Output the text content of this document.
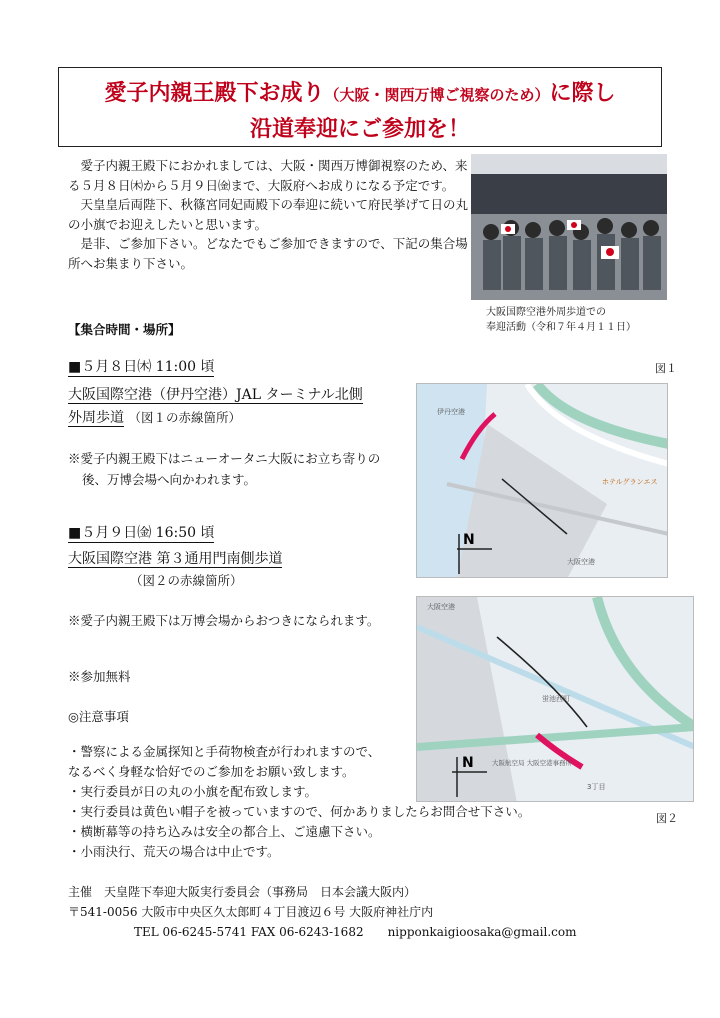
愛子内親王殿下お成り（大阪・関西万博ご視察のため）に際し
沿道奉迎にご参加を！

愛子内親王殿下におかれましては、大阪・関西万博御視察のため、来る５月８日㈭から５月９日㈮まで、大阪府へお成りになる予定です。

天皇皇后両陛下、秋篠宮同妃両殿下の奉迎に続いて府民挙げて日の丸の小旗でお迎えしたいと思います。

是非、ご参加下さい。どなたでもご参加できますので、下記の集合場所へお集まり下さい。

大阪国際空港外周歩道での
奉迎活動（令和７年４月１１日）
【集合時間・場所】
■５月８日㈭ 11:00 頃
大阪国際空港（伊丹空港）JAL ターミナル北側
外周歩道 （図１の赤線箇所）
※愛子内親王殿下はニューオータニ大阪にお立ち寄りの
後、万博会場へ向かわれます。
図１
N
大阪空港
伊丹空港
ホテルグランエス
■５月９日㈮ 16:50 頃
大阪国際空港 第３通用門南側歩道
（図２の赤線箇所）
※愛子内親王殿下は万博会場からおつきになられます。
N
大阪空港
蛍池西町
大阪航空局 大阪空港事務所
3丁目
図２
※参加無料
◎注意事項
・警察による金属探知と手荷物検査が行われますので、
なるべく身軽な恰好でのご参加をお願い致します。
・実行委員が日の丸の小旗を配布致します。
・実行委員は黄色い帽子を被っていますので、何かありましたらお問合せ下さい。
・横断幕等の持ち込みは安全の都合上、ご遠慮下さい。
・小雨決行、荒天の場合は中止です。
主催　天皇陛下奉迎大阪実行委員会（事務局　日本会議大阪内）
〒541-0056 大阪市中央区久太郎町４丁目渡辺６号 大阪府神社庁内
TEL 06-6245-5741 FAX 06-6243-1682　　nipponkaigioosaka@gmail.com
